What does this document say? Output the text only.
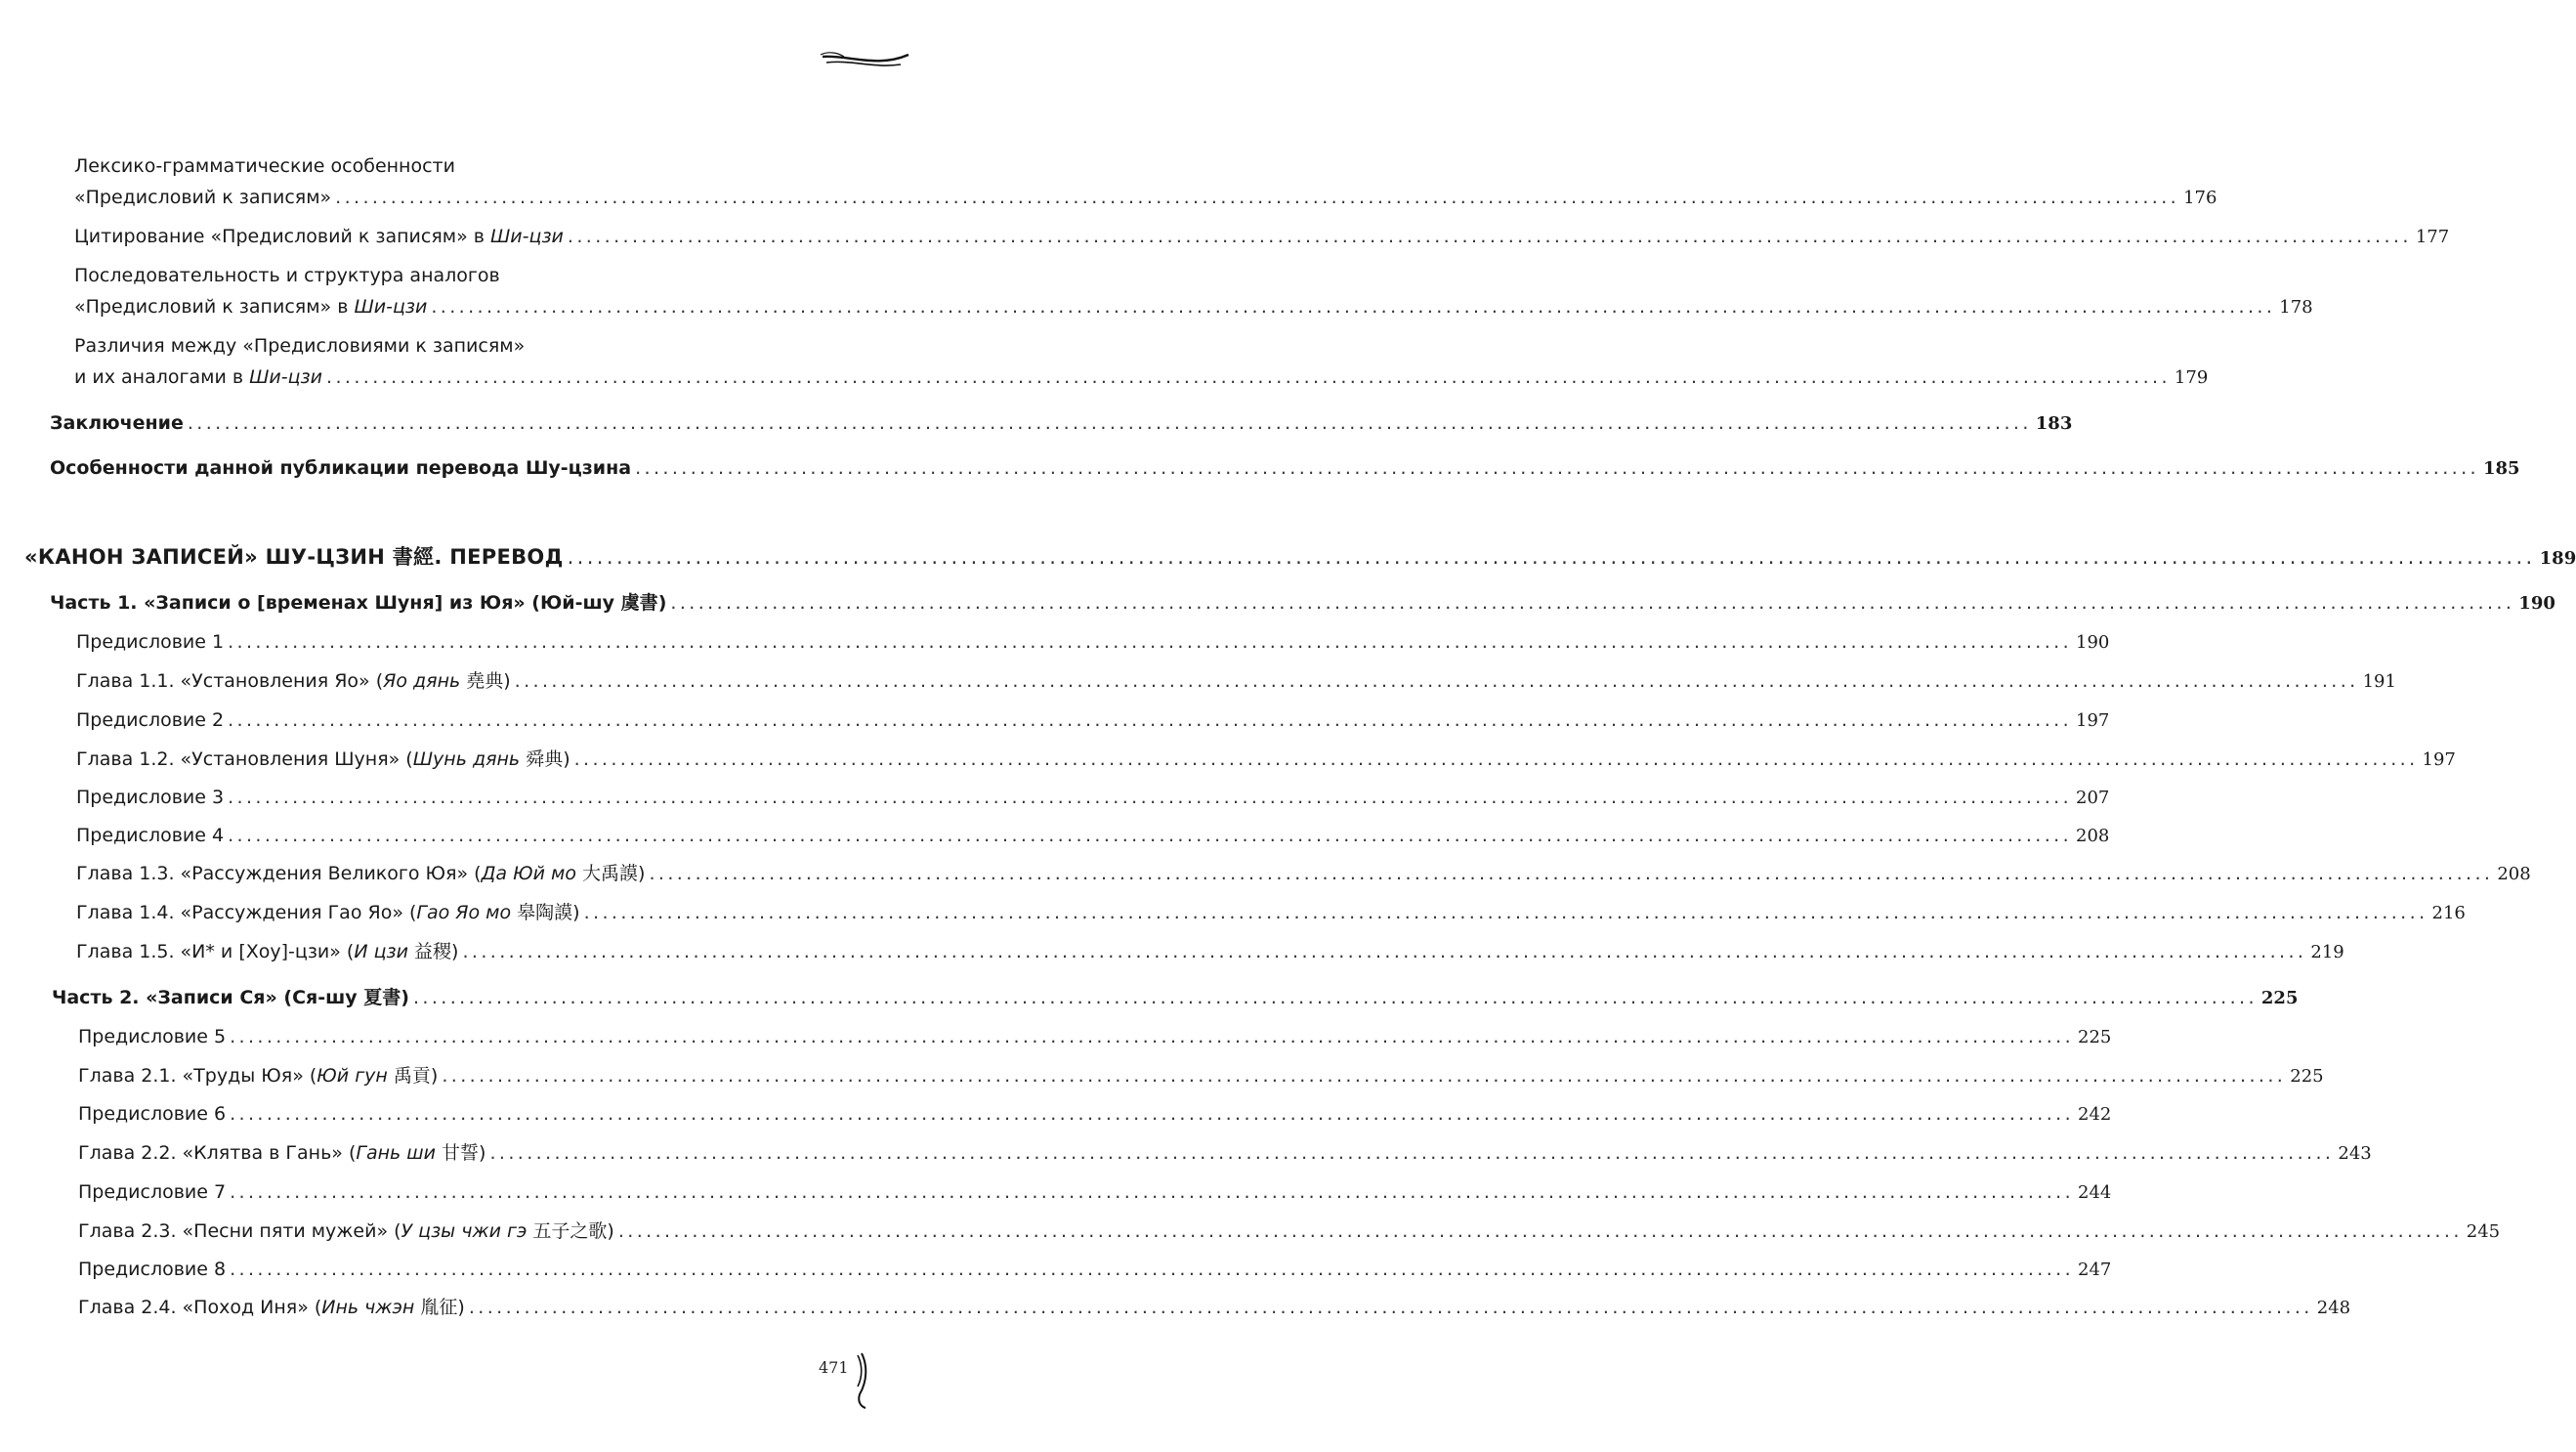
Лексико-грамматические особенности
«Предисловий к записям» ........................................................................................................................................................................................................ 176
Цитирование «Предисловий к записям» в Ши-цзи ........................................................................................................................................................................................................ 177
Последовательность и структура аналогов
«Предисловий к записям» в Ши-цзи ........................................................................................................................................................................................................ 178
Различия между «Предисловиями к записям»
и их аналогами в Ши-цзи ........................................................................................................................................................................................................ 179
Заключение ........................................................................................................................................................................................................ 183
Особенности данной публикации перевода Шу-цзина ........................................................................................................................................................................................................ 185
«КАНОН ЗАПИСЕЙ» ШУ-ЦЗИН 書經. ПЕРЕВОД ........................................................................................................................................................................................................ 189
Часть 1. «Записи о [временах Шуня] из Юя» (Юй-шу 虞書) ........................................................................................................................................................................................................ 190
Предисловие 1 ........................................................................................................................................................................................................ 190
Глава 1.1. «Установления Яо» (Яо дянь 堯典) ........................................................................................................................................................................................................ 191
Предисловие 2 ........................................................................................................................................................................................................ 197
Глава 1.2. «Установления Шуня» (Шунь дянь 舜典) ........................................................................................................................................................................................................ 197
Предисловие 3 ........................................................................................................................................................................................................ 207
Предисловие 4 ........................................................................................................................................................................................................ 208
Глава 1.3. «Рассуждения Великого Юя» (Да Юй мо 大禹謨) ........................................................................................................................................................................................................ 208
Глава 1.4. «Рассуждения Гао Яо» (Гао Яо мо 皋陶謨) ........................................................................................................................................................................................................ 216
Глава 1.5. «И* и [Хоу]-цзи» (И цзи 益稷) ........................................................................................................................................................................................................ 219
Часть 2. «Записи Ся» (Ся-шу 夏書) ........................................................................................................................................................................................................ 225
Предисловие 5 ........................................................................................................................................................................................................ 225
Глава 2.1. «Труды Юя» (Юй гун 禹貢) ........................................................................................................................................................................................................ 225
Предисловие 6 ........................................................................................................................................................................................................ 242
Глава 2.2. «Клятва в Гань» (Гань ши 甘誓) ........................................................................................................................................................................................................ 243
Предисловие 7 ........................................................................................................................................................................................................ 244
Глава 2.3. «Песни пяти мужей» (У цзы чжи гэ 五子之歌) ........................................................................................................................................................................................................ 245
Предисловие 8 ........................................................................................................................................................................................................ 247
Глава 2.4. «Поход Иня» (Инь чжэн 胤征) ........................................................................................................................................................................................................ 248
471
